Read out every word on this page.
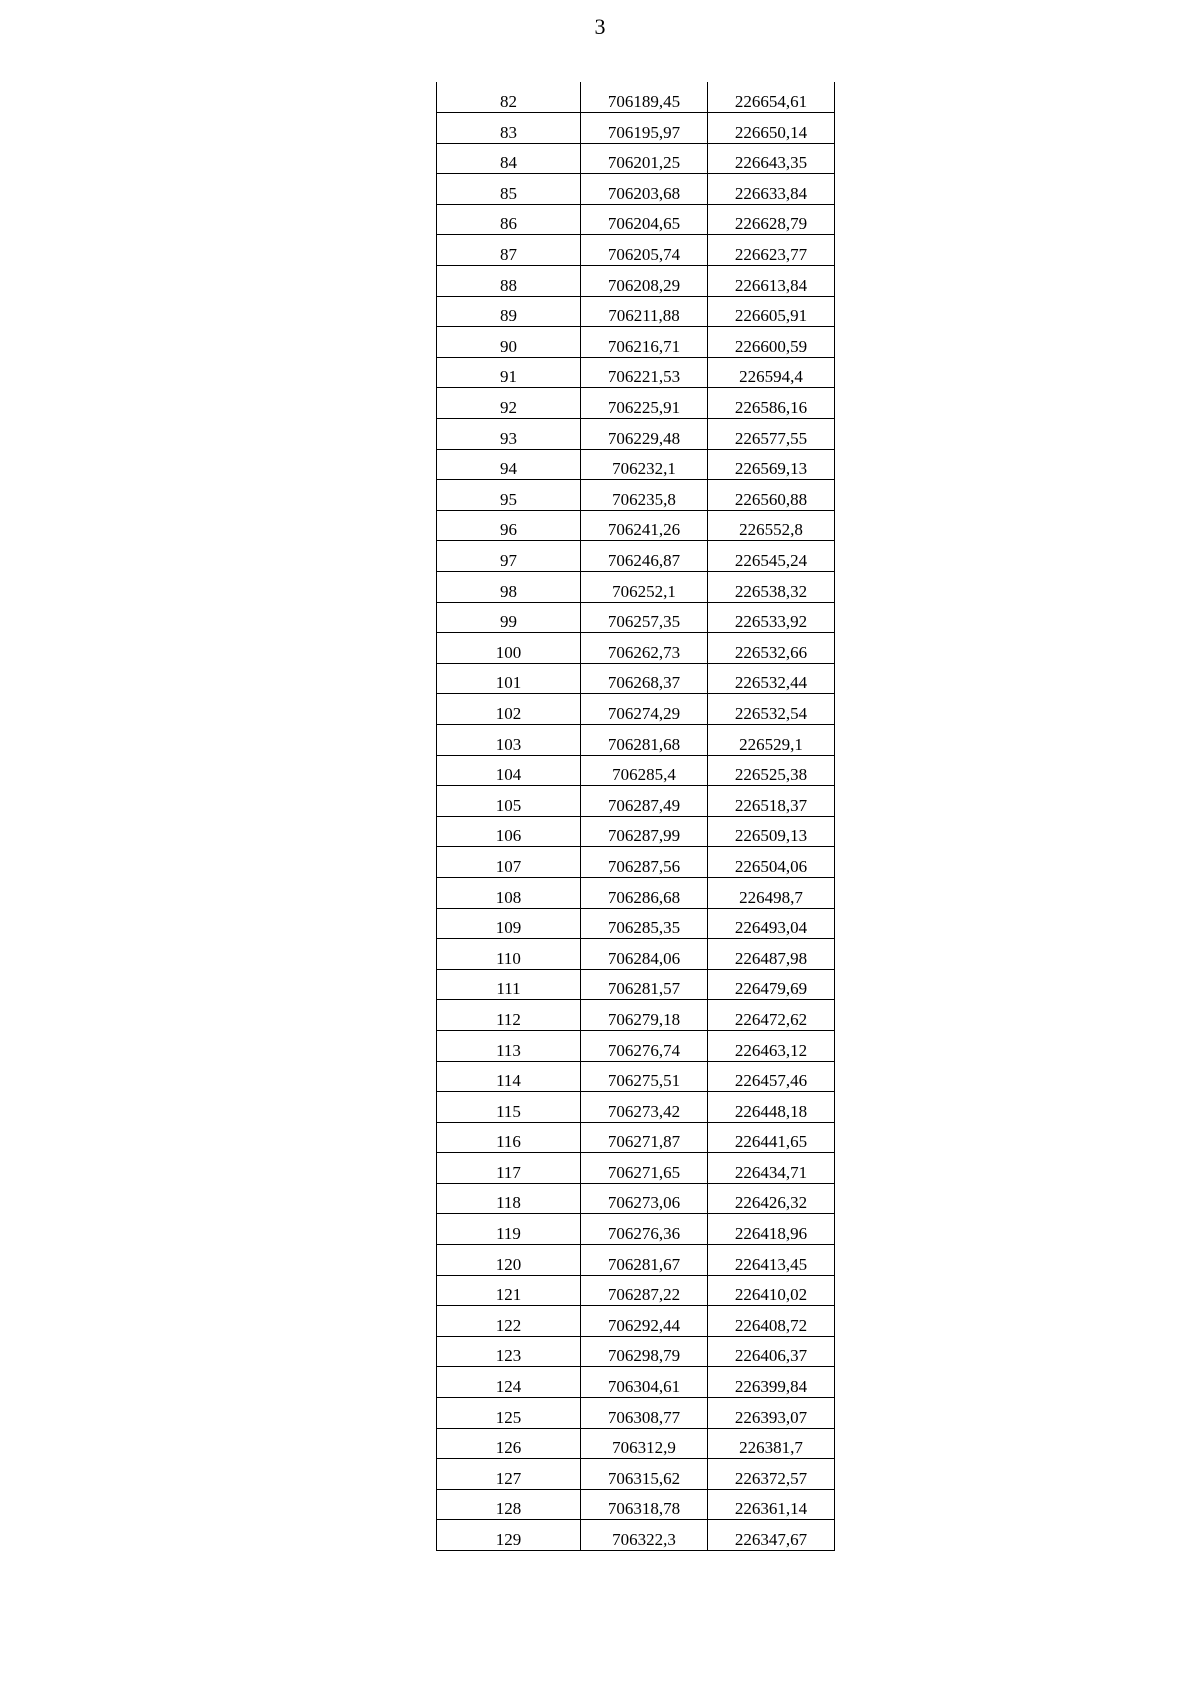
3
82	706189,45	226654,61
83	706195,97	226650,14
84	706201,25	226643,35
85	706203,68	226633,84
86	706204,65	226628,79
87	706205,74	226623,77
88	706208,29	226613,84
89	706211,88	226605,91
90	706216,71	226600,59
91	706221,53	226594,4
92	706225,91	226586,16
93	706229,48	226577,55
94	706232,1	226569,13
95	706235,8	226560,88
96	706241,26	226552,8
97	706246,87	226545,24
98	706252,1	226538,32
99	706257,35	226533,92
100	706262,73	226532,66
101	706268,37	226532,44
102	706274,29	226532,54
103	706281,68	226529,1
104	706285,4	226525,38
105	706287,49	226518,37
106	706287,99	226509,13
107	706287,56	226504,06
108	706286,68	226498,7
109	706285,35	226493,04
110	706284,06	226487,98
111	706281,57	226479,69
112	706279,18	226472,62
113	706276,74	226463,12
114	706275,51	226457,46
115	706273,42	226448,18
116	706271,87	226441,65
117	706271,65	226434,71
118	706273,06	226426,32
119	706276,36	226418,96
120	706281,67	226413,45
121	706287,22	226410,02
122	706292,44	226408,72
123	706298,79	226406,37
124	706304,61	226399,84
125	706308,77	226393,07
126	706312,9	226381,7
127	706315,62	226372,57
128	706318,78	226361,14
129	706322,3	226347,67
